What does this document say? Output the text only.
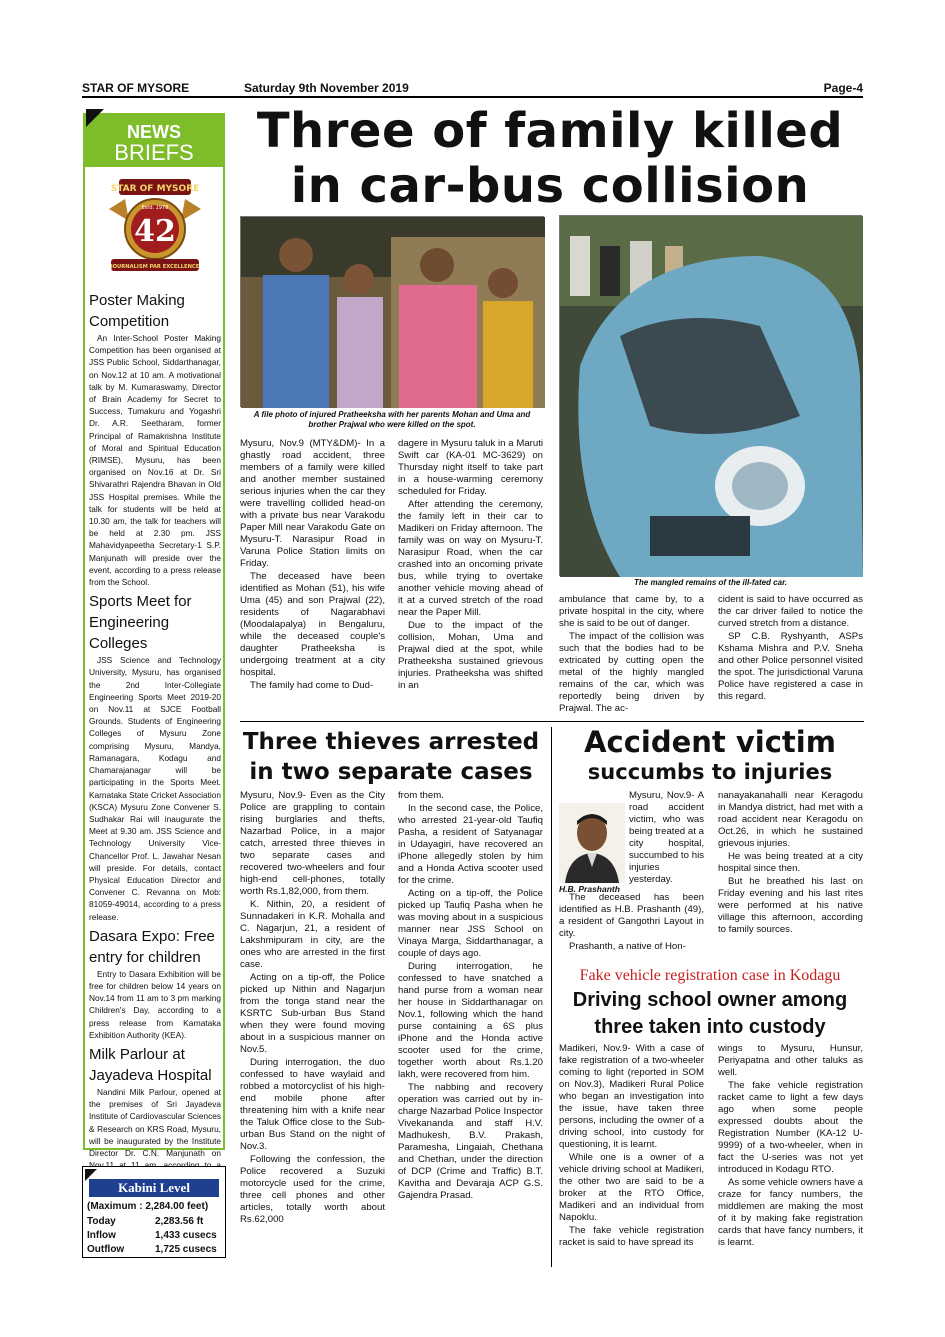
STAR OF MYSORE	Saturday 9th November 2019	Page-4
NEWS
BRIEFS
STAR OF MYSORE
Estd. 1978
42
JOURNALISM PAR EXCELLENCE
Poster Making Competition

An Inter-School Poster Making Competition has been organised at JSS Public School, Siddarthanagar, on Nov.12 at 10 am. A motivational talk by M. Kumaraswamy, Director of Brain Academy for Secret to Success, Tumakuru and Yogashri Dr. A.R. Seetharam, former Principal of Ramakrishna Institute of Moral and Spiritual Education (RIMSE), Mysuru, has been organised on Nov.16 at Dr. Sri Shivarathri Rajendra Bhavan in Old JSS Hospital premises. While the talk for students will be held at 10.30 am, the talk for teachers will be held at 2.30 pm. JSS Mahavidyapeetha Secretary-1 S.P. Manjunath will preside over the event, according to a press release from the School.

Sports Meet for Engineering Colleges

JSS Science and Technology University, Mysuru, has organised the 2nd Inter-Collegiate Engineering Sports Meet 2019-20 on Nov.11 at SJCE Football Grounds. Students of Engineering Colleges of Mysuru Zone comprising Mysuru, Mandya, Ramanagara, Kodagu and Chamarajanagar will be participating in the Sports Meet. Karnataka State Cricket Association (KSCA) Mysuru Zone Convener S. Sudhakar Rai will inaugurate the Meet at 9.30 am. JSS Science and Technology University Vice-Chancellor Prof. L. Jawahar Nesan will preside. For details, contact Physical Education Director and Convener C. Revanna on Mob: 81059-49014, according to a press release.

Dasara Expo: Free entry for children

Entry to Dasara Exhibition will be free for children below 14 years on Nov.14 from 11 am to 3 pm marking Children's Day, according to a press release from Karnataka Exhibition Authority (KEA).

Milk Parlour at Jayadeva Hospital

Nandini Milk Parlour, opened at the premises of Sri Jayadeva Institute of Cardiovascular Sciences & Research on KRS Road, Mysuru, will be inaugurated by the Institute Director Dr. C.N. Manjunath on

Kabini Level
(Maximum : 2,284.00 feet)
Today	2,283.56 ft
Inflow	1,433 cusecs
Outflow	1,725 cusecs
Three of family killed
in car-bus collision
A file photo of injured Pratheeksha with her parents Mohan and Uma and brother Prajwal who were killed on the spot.
The mangled remains of the ill-fated car.

Mysuru, Nov.9 (MTY&DM)- In a ghastly road accident, three members of a family were killed and another member sustained serious injuries when the car they were travelling collided head-on with a private bus near Varakodu Paper Mill near Varakodu Gate on Mysuru-T. Narasipur Road in Varuna Police Station limits on Friday.

The deceased have been identified as Mohan (51), his wife Uma (45) and son Prajwal (22), residents of Nagarabhavi (Moodalapalya) in Bengaluru, while the deceased couple's daughter Pratheeksha is undergoing treatment at a city hospital.

The family had come to Dud-

dagere in Mysuru taluk in a Maruti Swift car (KA-01 MC-3629) on Thursday night itself to take part in a house-warming ceremony scheduled for Friday.

After attending the ceremony, the family left in their car to Madikeri on Friday afternoon. The family was on way on Mysuru-T. Narasipur Road, when the car crashed into an oncoming private bus, while trying to overtake another vehicle moving ahead of it at a curved stretch of the road near the Paper Mill.

Due to the impact of the collision, Mohan, Uma and Prajwal died at the spot, while Pratheeksha sustained grievous injuries. Pratheeksha was shifted in an

ambulance that came by, to a private hospital in the city, where she is said to be out of danger.

The impact of the collision was such that the bodies had to be extricated by cutting open the metal of the highly mangled remains of the car, which was reportedly being driven by Prajwal. The ac-

cident is said to have occurred as the car driver failed to notice the curved stretch from a distance.

SP C.B. Ryshyanth, ASPs Kshama Mishra and P.V. Sneha and other Police personnel visited the spot. The jurisdictional Varuna Police have registered a case in this regard.

Three thieves arrested
in two separate cases

Mysuru, Nov.9- Even as the City Police are grappling to contain rising burglaries and thefts, Nazarbad Police, in a major catch, arrested three thieves in two separate cases and recovered two-wheelers and four high-end cell-phones, totally worth Rs.1,82,000, from them.

K. Nithin, 20, a resident of Sunnadakeri in K.R. Mohalla and C. Nagarjun, 21, a resident of Lakshmipuram in city, are the ones who are arrested in the first case.

Acting on a tip-off, the Police picked up Nithin and Nagarjun from the tonga stand near the KSRTC Sub-urban Bus Stand when they were found moving about in a suspicious manner on Nov.5.

During interrogation, the duo confessed to have waylaid and robbed a motorcyclist of his high-end mobile phone after threatening him with a knife near the Taluk Office close to the Sub-urban Bus Stand on the night of Nov.3.

Following the confession, the Police recovered a Suzuki motorcycle used for the crime, three cell phones and other articles, totally worth about Rs.62,000

from them.

In the second case, the Police, who arrested 21-year-old Taufiq Pasha, a resident of Satyanagar in Udayagiri, have recovered an iPhone allegedly stolen by him and a Honda Activa scooter used for the crime.

Acting on a tip-off, the Police picked up Taufiq Pasha when he was moving about in a suspicious manner near JSS School on Vinaya Marga, Siddarthanagar, a couple of days ago.

During interrogation, he confessed to have snatched a hand purse from a woman near her house in Siddarthanagar on Nov.1, following which the hand purse containing a 6S plus iPhone and the Honda active scooter used for the crime, together worth about Rs.1.20 lakh, were recovered from him.

The nabbing and recovery operation was carried out by in-charge Nazarbad Police Inspector Vivekananda and staff H.V. Madhukesh, B.V. Prakash, Paramesha, Lingaiah, Chethana and Chethan, under the direction of DCP (Crime and Traffic) B.T. Kavitha and Devaraja ACP G.S. Gajendra Prasad.

Accident victim
succumbs to injuries
H.B. Prashanth

Mysuru, Nov.9- A road accident victim, who was being treated at a city hospital, succumbed to his injuries yesterday.

The deceased has been identified as H.B. Prashanth (49), a resident of Gangothri Layout in city.

Prashanth, a native of Hon-

nanayakanahalli near Keragodu in Mandya district, had met with a road accident near Keragodu on Oct.26, in which he sustained grievous injuries.

He was being treated at a city hospital since then.

But he breathed his last on Friday evening and his last rites were performed at his native village this afternoon, according to family sources.

Fake vehicle registration case in Kodagu
Driving school owner among
three taken into custody

Madikeri, Nov.9- With a case of fake registration of a two-wheeler coming to light (reported in SOM on Nov.3), Madikeri Rural Police who began an investigation into the issue, have taken three persons, including the owner of a driving school, into custody for questioning, it is learnt.

While one is a owner of a vehicle driving school at Madikeri, the other two are said to be a broker at the RTO Office, Madikeri and an individual from Napoklu.

The fake vehicle registration racket is said to have spread its

wings to Mysuru, Hunsur, Periyapatna and other taluks as well.

The fake vehicle registration racket came to light a few days ago when some people expressed doubts about the Registration Number (KA-12 U-9999) of a two-wheeler, when in fact the U-series was not yet introduced in Kodagu RTO.

As some vehicle owners have a craze for fancy numbers, the middlemen are making the most of it by making fake registration cards that have fancy numbers, it is learnt.
